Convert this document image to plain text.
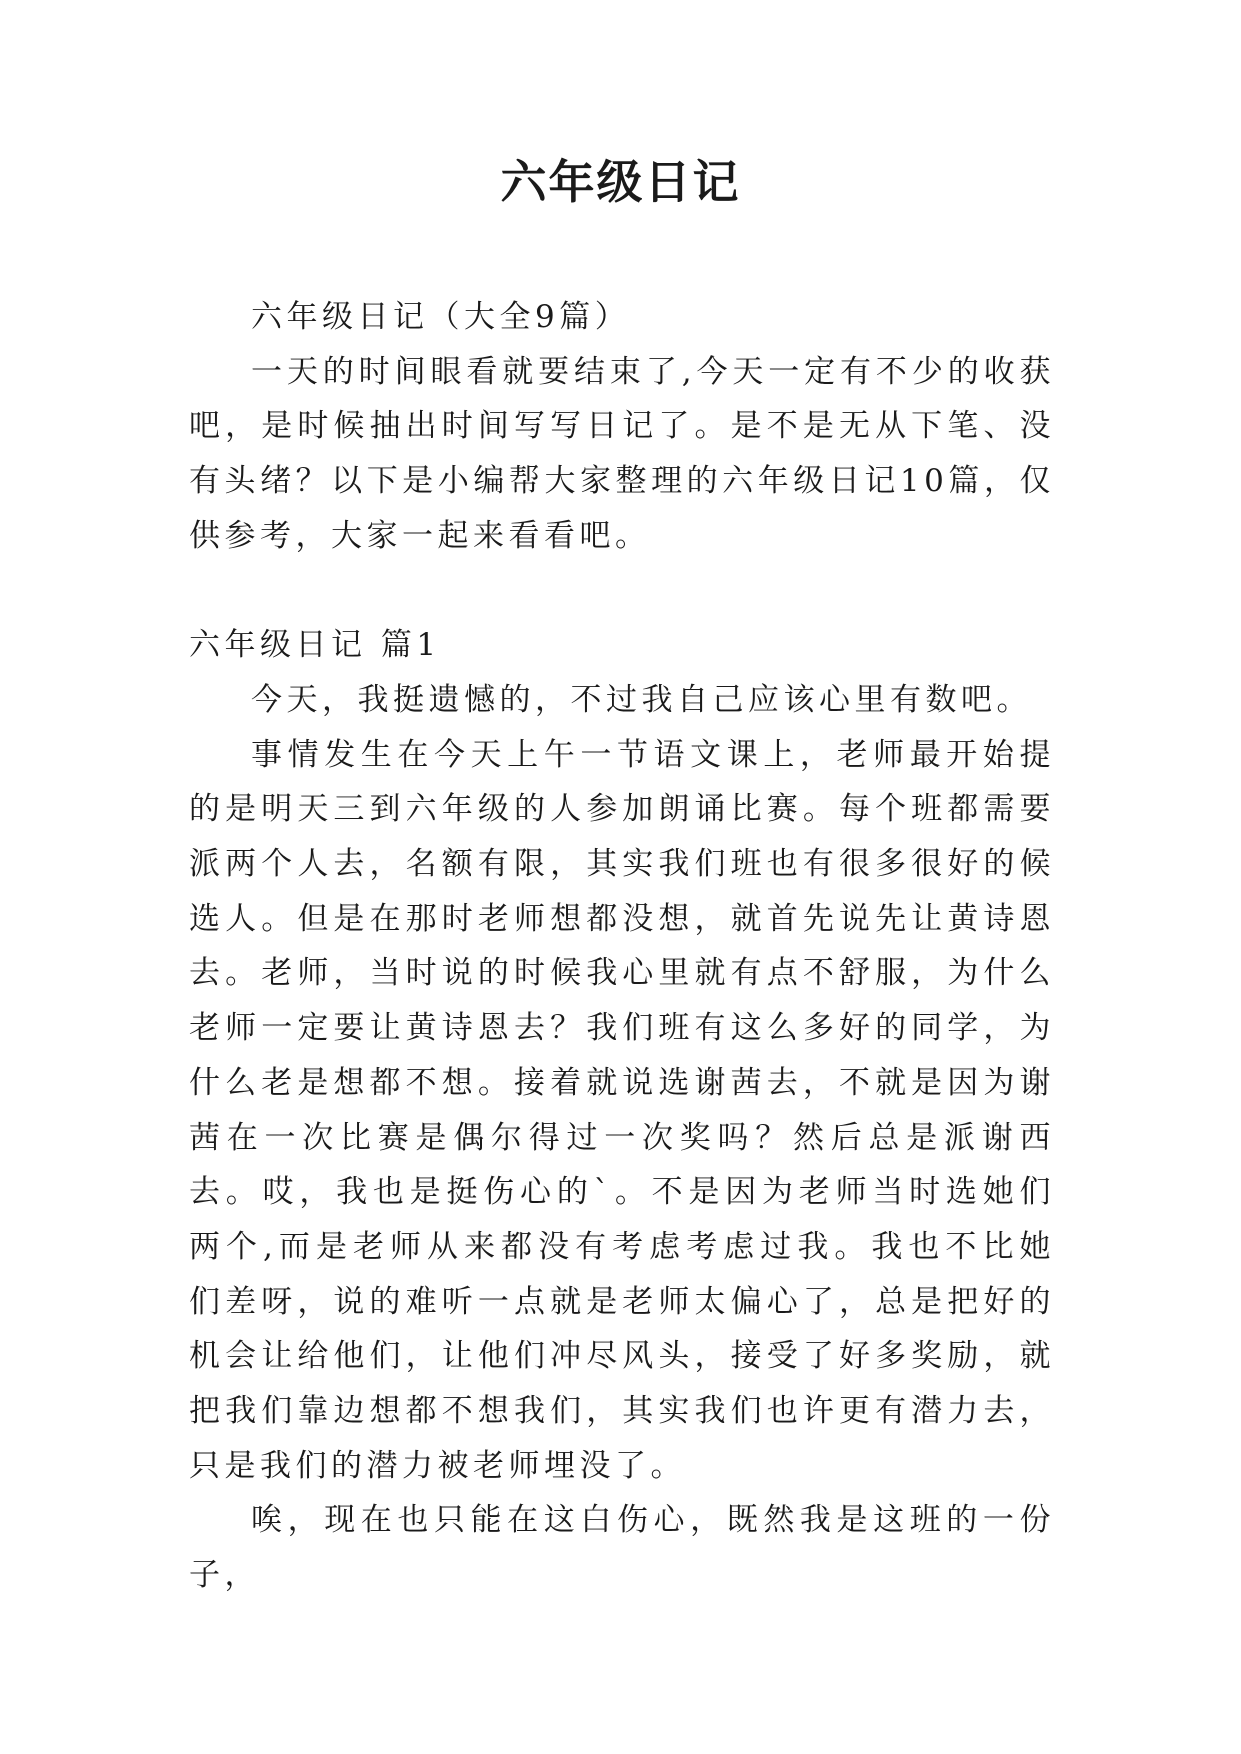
六年级日记

六年级日记（大全9篇）

一天的时间眼看就要结束了,今天一定有不少的收获吧，是时候抽出时间写写日记了。是不是无从下笔、没有头绪？以下是小编帮大家整理的六年级日记10篇，仅供参考，大家一起来看看吧。

六年级日记 篇1

今天，我挺遗憾的，不过我自己应该心里有数吧。

事情发生在今天上午一节语文课上，老师最开始提的是明天三到六年级的人参加朗诵比赛。每个班都需要派两个人去，名额有限，其实我们班也有很多很好的候选人。但是在那时老师想都没想，就首先说先让黄诗恩去。老师，当时说的时候我心里就有点不舒服，为什么老师一定要让黄诗恩去？我们班有这么多好的同学，为什么老是想都不想。接着就说选谢茜去，不就是因为谢茜在一次比赛是偶尔得过一次奖吗？然后总是派谢西去。哎，我也是挺伤心的`。不是因为老师当时选她们两个,而是老师从来都没有考虑考虑过我。我也不比她们差呀，说的难听一点就是老师太偏心了，总是把好的机会让给他们，让他们冲尽风头，接受了好多奖励，就把我们靠边想都不想我们，其实我们也许更有潜力去，只是我们的潜力被老师埋没了。

唉，现在也只能在这白伤心，既然我是这班的一份子，
